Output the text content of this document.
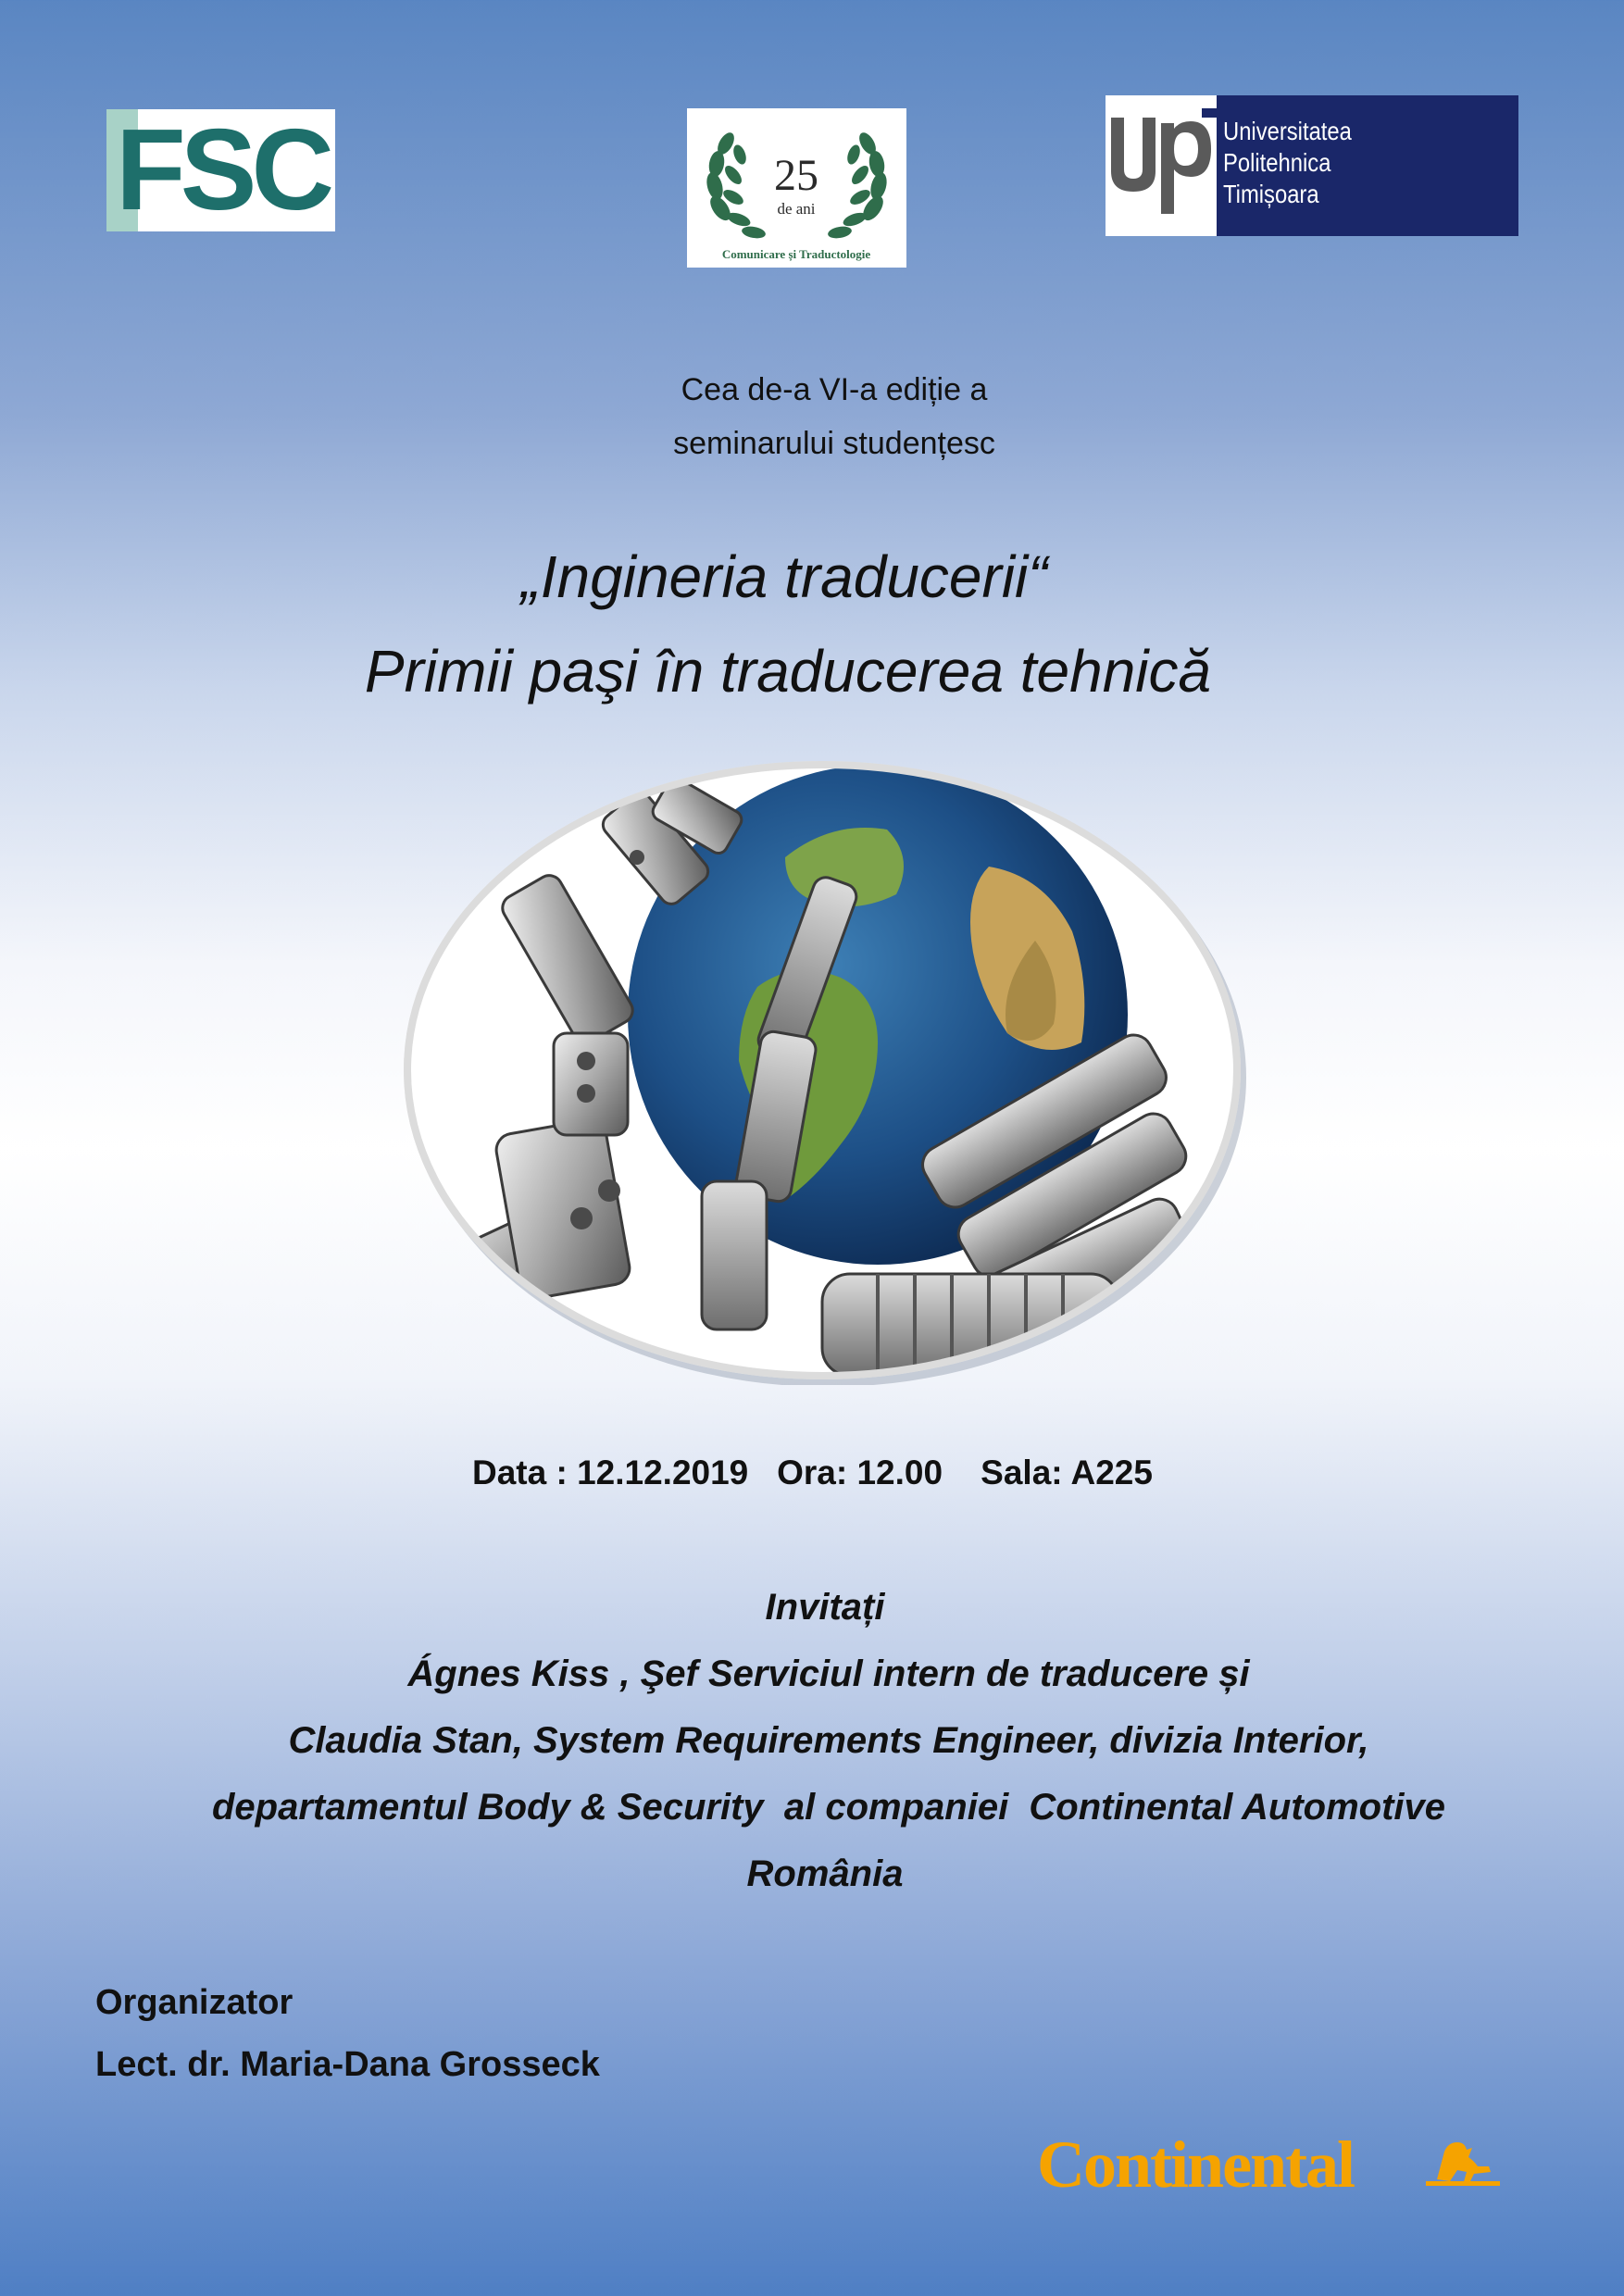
FSC	25
de ani
Comunicare și Traductologie
Universitatea
Politehnica
Timișoara
Cea de-a VI-a ediție a
seminarului studențesc
„Ingineria traducerii“
Primii paşi în traducerea tehnică
Data : 12.12.2019   Ora: 12.00    Sala: A225
Invitați
Ágnes Kiss , Şef Serviciul intern de traducere și
Claudia Stan, System Requirements Engineer, divizia Interior,
departamentul Body & Security  al companiei  Continental Automotive
România
Organizator
Lect. dr. Maria-Dana Grosseck
Continental
